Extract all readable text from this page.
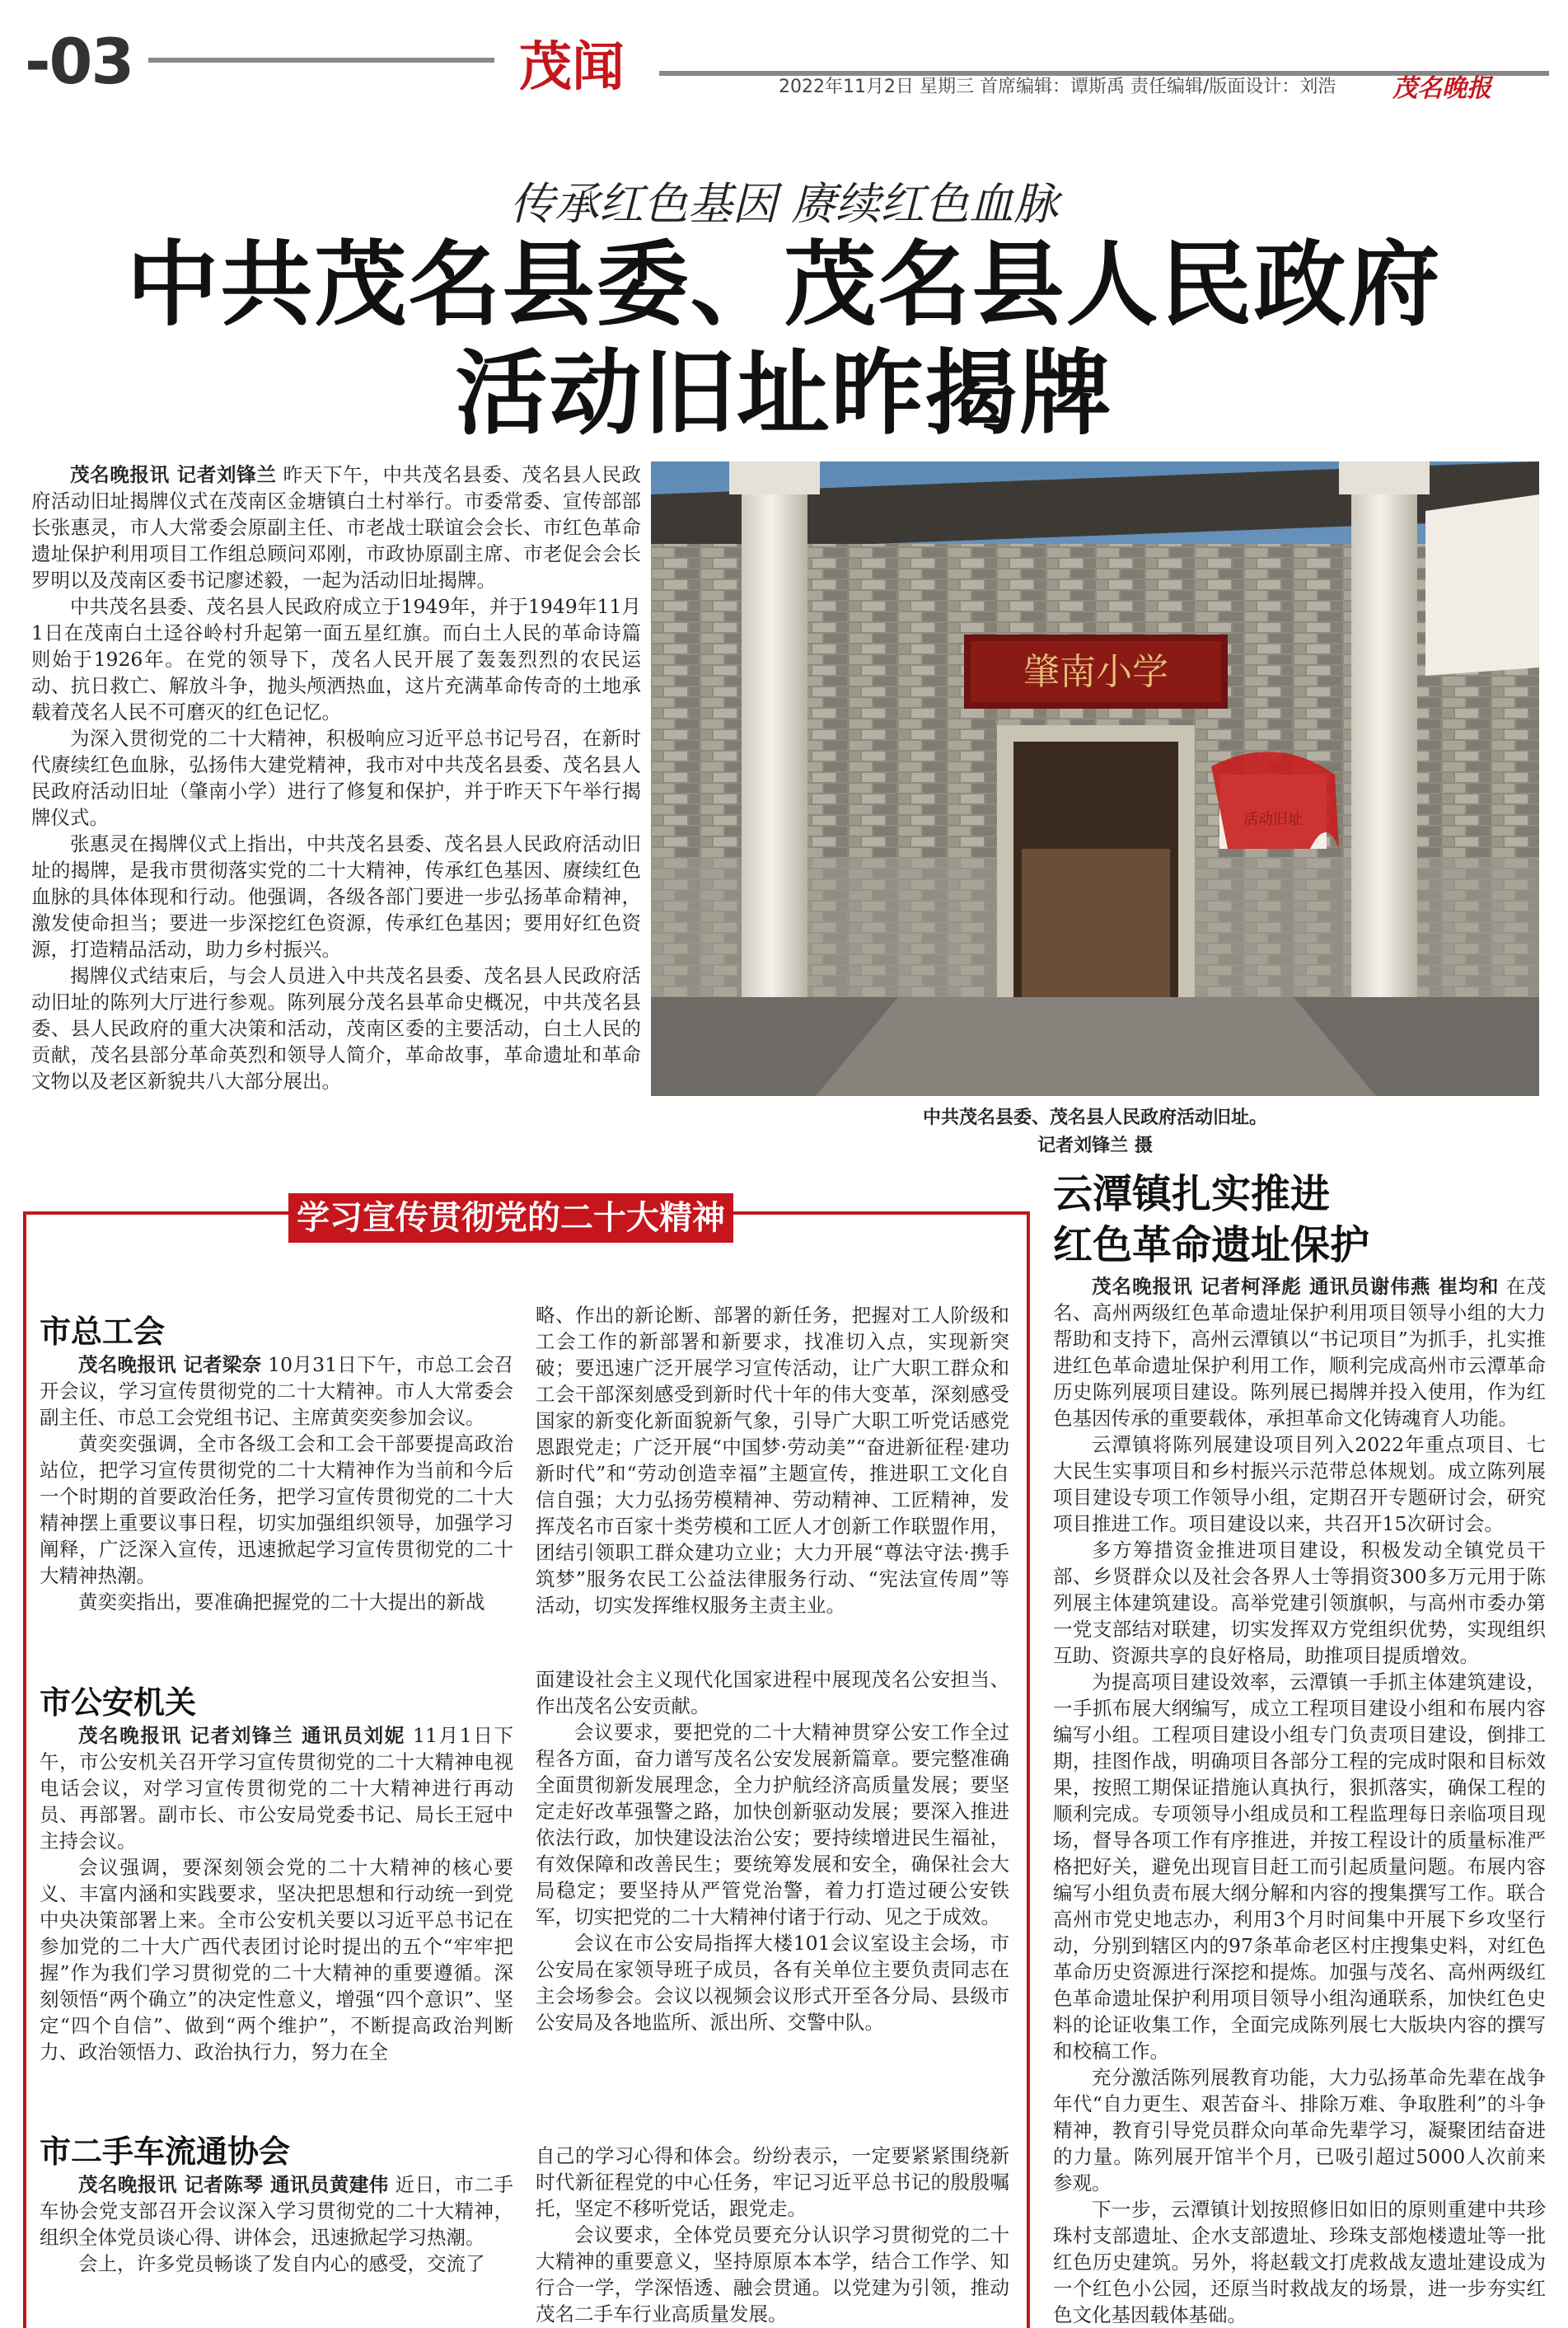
-03	茂闻	2022年11月2日 星期三 首席编辑：谭斯禹 责任编辑/版面设计：刘浩 茂名晚报
传承红色基因 赓续红色血脉
中共茂名县委、茂名县人民政府
活动旧址昨揭牌

茂名晚报讯 记者刘锋兰 昨天下午，中共茂名县委、茂名县人民政府活动旧址揭牌仪式在茂南区金塘镇白土村举行。市委常委、宣传部部长张惠灵，市人大常委会原副主任、市老战士联谊会会长、市红色革命遗址保护利用项目工作组总顾问邓刚，市政协原副主席、市老促会会长罗明以及茂南区委书记廖述毅，一起为活动旧址揭牌。

中共茂名县委、茂名县人民政府成立于1949年，并于1949年11月1日在茂南白土迳谷岭村升起第一面五星红旗。而白土人民的革命诗篇则始于1926年。在党的领导下，茂名人民开展了轰轰烈烈的农民运动、抗日救亡、解放斗争，抛头颅洒热血，这片充满革命传奇的土地承载着茂名人民不可磨灭的红色记忆。

为深入贯彻党的二十大精神，积极响应习近平总书记号召，在新时代赓续红色血脉，弘扬伟大建党精神，我市对中共茂名县委、茂名县人民政府活动旧址（肇南小学）进行了修复和保护，并于昨天下午举行揭牌仪式。

张惠灵在揭牌仪式上指出，中共茂名县委、茂名县人民政府活动旧址的揭牌，是我市贯彻落实党的二十大精神，传承红色基因、赓续红色血脉的具体体现和行动。他强调，各级各部门要进一步弘扬革命精神，激发使命担当；要进一步深挖红色资源，传承红色基因；要用好红色资源，打造精品活动，助力乡村振兴。

揭牌仪式结束后，与会人员进入中共茂名县委、茂名县人民政府活动旧址的陈列大厅进行参观。陈列展分茂名县革命史概况，中共茂名县委、县人民政府的重大决策和活动，茂南区委的主要活动，白土人民的贡献，茂名县部分革命英烈和领导人简介，革命故事，革命遗址和革命文物以及老区新貌共八大部分展出。

肇南小学
活动旧址
中共茂名县委、茂名县人民政府活动旧址。
记者刘锋兰 摄
学习宣传贯彻党的二十大精神
市总工会

茂名晚报讯 记者梁奈 10月31日下午，市总工会召开会议，学习宣传贯彻党的二十大精神。市人大常委会副主任、市总工会党组书记、主席黄奕奕参加会议。

黄奕奕强调，全市各级工会和工会干部要提高政治站位，把学习宣传贯彻党的二十大精神作为当前和今后一个时期的首要政治任务，把学习宣传贯彻党的二十大精神摆上重要议事日程，切实加强组织领导，加强学习阐释，广泛深入宣传，迅速掀起学习宣传贯彻党的二十大精神热潮。

黄奕奕指出，要准确把握党的二十大提出的新战

略、作出的新论断、部署的新任务，把握对工人阶级和工会工作的新部署和新要求，找准切入点，实现新突破；要迅速广泛开展学习宣传活动，让广大职工群众和工会干部深刻感受到新时代十年的伟大变革，深刻感受国家的新变化新面貌新气象，引导广大职工听党话感党恩跟党走；广泛开展“中国梦·劳动美”“奋进新征程·建功新时代”和“劳动创造幸福”主题宣传，推进职工文化自信自强；大力弘扬劳模精神、劳动精神、工匠精神，发挥茂名市百家十类劳模和工匠人才创新工作联盟作用，团结引领职工群众建功立业；大力开展“尊法守法·携手筑梦”服务农民工公益法律服务行动、“宪法宣传周”等活动，切实发挥维权服务主责主业。
市公安机关

茂名晚报讯 记者刘锋兰 通讯员刘妮 11月1日下午，市公安机关召开学习宣传贯彻党的二十大精神电视电话会议，对学习宣传贯彻党的二十大精神进行再动员、再部署。副市长、市公安局党委书记、局长王冠中主持会议。

会议强调，要深刻领会党的二十大精神的核心要义、丰富内涵和实践要求，坚决把思想和行动统一到党中央决策部署上来。全市公安机关要以习近平总书记在参加党的二十大广西代表团讨论时提出的五个“牢牢把握”作为我们学习贯彻党的二十大精神的重要遵循。深刻领悟“两个确立”的决定性意义，增强“四个意识”、坚定“四个自信”、做到“两个维护”，不断提高政治判断力、政治领悟力、政治执行力，努力在全

面建设社会主义现代化国家进程中展现茂名公安担当、作出茂名公安贡献。

会议要求，要把党的二十大精神贯穿公安工作全过程各方面，奋力谱写茂名公安发展新篇章。要完整准确全面贯彻新发展理念，全力护航经济高质量发展；要坚定走好改革强警之路，加快创新驱动发展；要深入推进依法行政，加快建设法治公安；要持续增进民生福祉，有效保障和改善民生；要统筹发展和安全，确保社会大局稳定；要坚持从严管党治警，着力打造过硬公安铁军，切实把党的二十大精神付诸于行动、见之于成效。

会议在市公安局指挥大楼101会议室设主会场，市公安局在家领导班子成员，各有关单位主要负责同志在主会场参会。会议以视频会议形式开至各分局、县级市公安局及各地监所、派出所、交警中队。

市二手车流通协会

茂名晚报讯 记者陈琴 通讯员黄建伟 近日，市二手车协会党支部召开会议深入学习贯彻党的二十大精神，组织全体党员谈心得、讲体会，迅速掀起学习热潮。

会上，许多党员畅谈了发自内心的感受，交流了

自己的学习心得和体会。纷纷表示，一定要紧紧围绕新时代新征程党的中心任务，牢记习近平总书记的殷殷嘱托，坚定不移听党话，跟党走。

会议要求，全体党员要充分认识学习贯彻党的二十大精神的重要意义，坚持原原本本学，结合工作学、知行合一学，学深悟透、融会贯通。以党建为引领，推动茂名二手车行业高质量发展。

云潭镇扎实推进
红色革命遗址保护

茂名晚报讯 记者柯泽彪 通讯员谢伟燕 崔均和 在茂名、高州两级红色革命遗址保护利用项目领导小组的大力帮助和支持下，高州云潭镇以“书记项目”为抓手，扎实推进红色革命遗址保护利用工作，顺利完成高州市云潭革命历史陈列展项目建设。陈列展已揭牌并投入使用，作为红色基因传承的重要载体，承担革命文化铸魂育人功能。

云潭镇将陈列展建设项目列入2022年重点项目、七大民生实事项目和乡村振兴示范带总体规划。成立陈列展项目建设专项工作领导小组，定期召开专题研讨会，研究项目推进工作。项目建设以来，共召开15次研讨会。

多方筹措资金推进项目建设，积极发动全镇党员干部、乡贤群众以及社会各界人士等捐资300多万元用于陈列展主体建筑建设。高举党建引领旗帜，与高州市委办第一党支部结对联建，切实发挥双方党组织优势，实现组织互助、资源共享的良好格局，助推项目提质增效。

为提高项目建设效率，云潭镇一手抓主体建筑建设，一手抓布展大纲编写，成立工程项目建设小组和布展内容编写小组。工程项目建设小组专门负责项目建设，倒排工期，挂图作战，明确项目各部分工程的完成时限和目标效果，按照工期保证措施认真执行，狠抓落实，确保工程的顺利完成。专项领导小组成员和工程监理每日亲临项目现场，督导各项工作有序推进，并按工程设计的质量标准严格把好关，避免出现盲目赶工而引起质量问题。布展内容编写小组负责布展大纲分解和内容的搜集撰写工作。联合高州市党史地志办，利用3个月时间集中开展下乡攻坚行动，分别到辖区内的97条革命老区村庄搜集史料，对红色革命历史资源进行深挖和提炼。加强与茂名、高州两级红色革命遗址保护利用项目领导小组沟通联系，加快红色史料的论证收集工作，全面完成陈列展七大版块内容的撰写和校稿工作。

充分激活陈列展教育功能，大力弘扬革命先辈在战争年代“自力更生、艰苦奋斗、排除万难、争取胜利”的斗争精神，教育引导党员群众向革命先辈学习，凝聚团结奋进的力量。陈列展开馆半个月，已吸引超过5000人次前来参观。

下一步，云潭镇计划按照修旧如旧的原则重建中共珍珠村支部遗址、企水支部遗址、珍珠支部炮楼遗址等一批红色历史建筑。另外，将赵载文打虎救战友遗址建设成为一个红色小公园，还原当时救战友的场景，进一步夯实红色文化基因载体基础。
